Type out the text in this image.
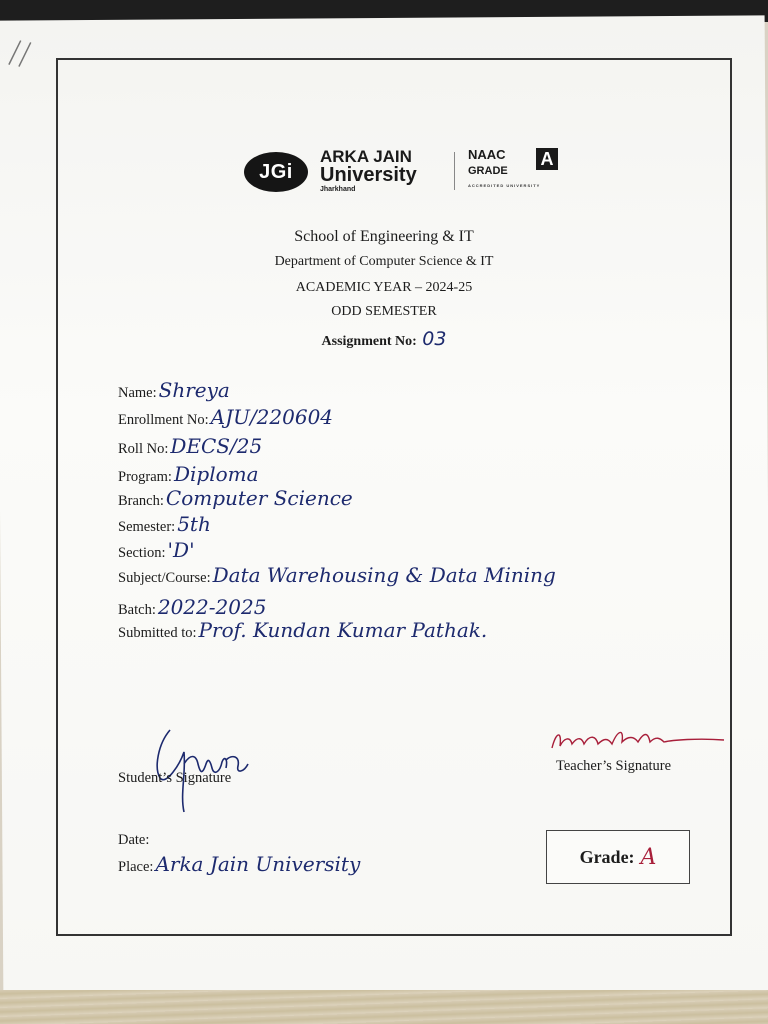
JGi
ARKA JAIN
University
Jharkhand
NAAC
GRADE
A
ACCREDITED UNIVERSITY
School of Engineering & IT
Department of Computer Science & IT
ACADEMIC YEAR – 2024-25
ODD SEMESTER
Assignment No: 03
Name: Shreya
Enrollment No: AJU/220604
Roll No: DECS/25
Program: Diploma
Branch: Computer Science
Semester: 5th
Section: 'D'
Subject/Course: Data Warehousing & Data Mining
Batch: 2022-2025
Submitted to: Prof. Kundan Kumar Pathak.
Student’s Signature
Teacher’s Signature
Date:
Place: Arka Jain University	Grade: A
